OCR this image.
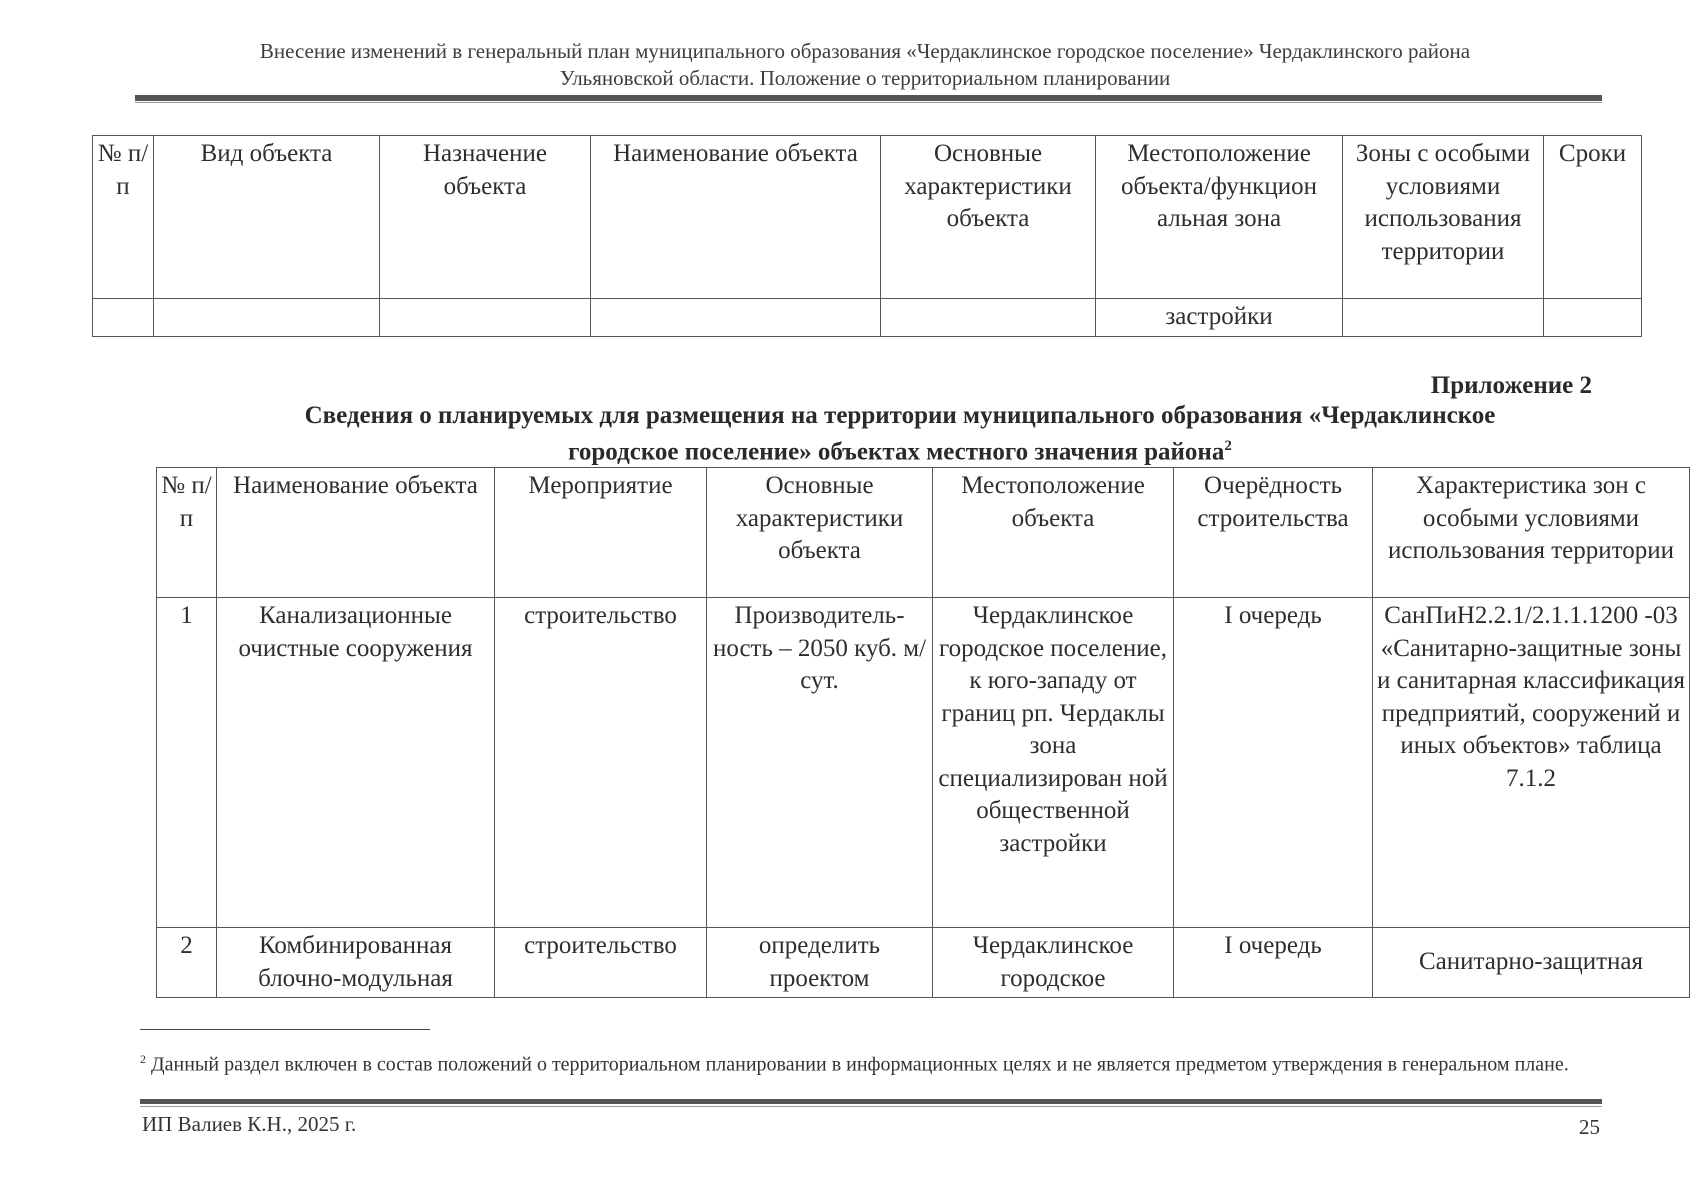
Внесение изменений в генеральный план муниципального образования «Чердаклинское городское поселение» Чердаклинского района
Ульяновской области. Положение о территориальном планировании
№ п/п	Вид объекта	Назначение объекта	Наименование объекта	Основные характеристики объекта	Местоположение объекта/функцион альная зона	Зоны с особыми условиями использования территории	Сроки
					застройки		
Приложение 2
Сведения о планируемых для размещения на территории муниципального образования «Чердаклинское
городское поселение» объектах местного значения района$^2$
№ п/ п	Наименование объекта	Мероприятие	Основные характеристики объекта	Местоположение объекта	Очерёдность строительства	Характеристика зон с особыми условиями использования территории
1	Канализационные очистные сооружения	строительство	Производитель-ность – 2050 куб. м/сут.	Чердаклинское городское поселение, к юго-западу от границ рп. Чердаклы зона специализирован ной общественной застройки	I очередь	СанПиН2.2.1/2.1.1.1200 -03 «Санитарно-защитные зоны и санитарная классификация предприятий, сооружений и иных объектов» таблица 7.1.2
2	Комбинированная блочно-модульная	строительство	определить проектом	Чердаклинское городское	I очередь	Санитарно-защитная
$^2$ Данный раздел включен в состав положений о территориальном планировании в информационных целях и не является предметом утверждения в генеральном плане.
ИП Валиев К.Н., 2025 г.	25
